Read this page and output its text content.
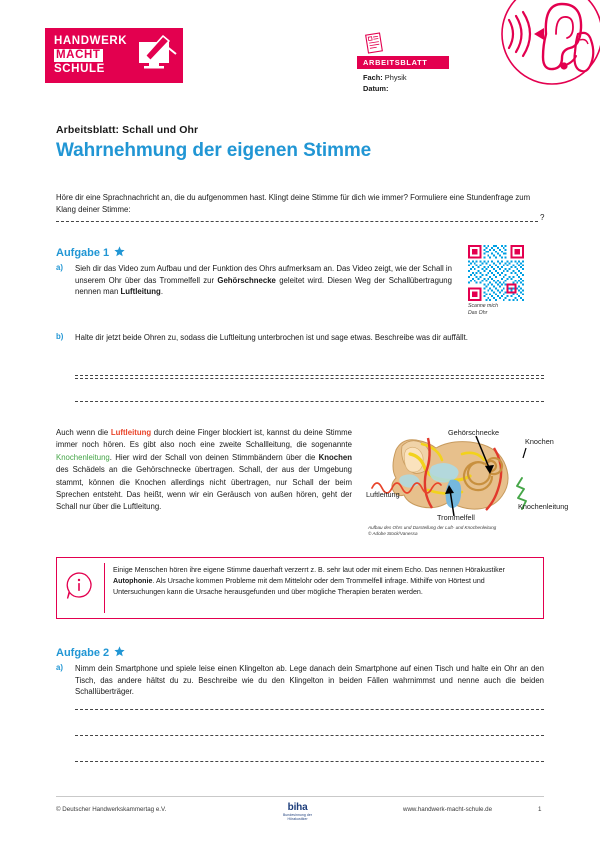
HANDWERK
MACHT
SCHULE
ARBEITSBLATT
Fach: Physik
Datum:
Arbeitsblatt: Schall und Ohr
Wahrnehmung der eigenen Stimme
Höre dir eine Sprachnachricht an, die du aufgenommen hast. Klingt deine Stimme für dich wie immer? Formuliere eine Stundenfrage zum Klang deiner Stimme:
?
Aufgabe 1
a) Sieh dir das Video zum Aufbau und der Funktion des Ohrs aufmerksam an. Das Video zeigt, wie der Schall in unserem Ohr über das Trommelfell zur Gehörschnecke geleitet wird. Diesen Weg der Schallübertragung nennen man Luftleitung.
Scanne mich
Das Ohr
b) Halte dir jetzt beide Ohren zu, sodass die Luftleitung unterbrochen ist und sage etwas. Beschreibe was dir auffällt.
Auch wenn die Luftleitung durch deine Finger blockiert ist, kannst du deine Stimme immer noch hören. Es gibt also noch eine zweite Schallleitung, die sogenannte Knochenleitung. Hier wird der Schall von deinen Stimmbändern über die Knochen des Schädels an die Gehörschnecke übertragen. Schall, der aus der Umgebung stammt, können die Knochen allerdings nicht übertragen, nur Schall der beim Sprechen entsteht. Das heißt, wenn wir ein Geräusch von außen hören, geht der Schall nur über die Luftleitung.
Gehörschnecke
Knochen
Luftleitung
Knochenleitung
Trommelfell
Aufbau des Ohrs und Darstellung der Luft- und Knochenleitung
© Adobe Stock/Vanessa
Einige Menschen hören ihre eigene Stimme dauerhaft verzerrt z. B. sehr laut oder mit einem Echo. Das nennen Hörakustiker Autophonie. Als Ursache kommen Probleme mit dem Mittelohr oder dem Trommelfell infrage. Mithilfe von Hörtest und Untersuchungen kann die Ursache herausgefunden und über mögliche Therapien beraten werden.
Aufgabe 2
a) Nimm dein Smartphone und spiele leise einen Klingelton ab. Lege danach dein Smartphone auf einen Tisch und halte ein Ohr an den Tisch, das andere hältst du zu. Beschreibe wie du den Klingelton in beiden Fällen wahrnimmst und nenne auch die beiden Schallüberträger.
© Deutscher Handwerkskammertag e.V.	biha
Bundesinnung der
Hörakustiker
www.handwerk-macht-schule.de	1
